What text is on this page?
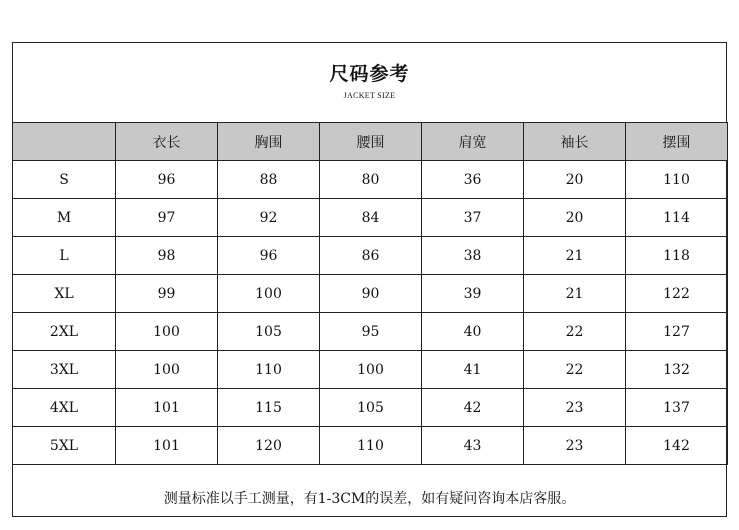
尺码参考
JACKET SIZE
	衣长	胸围	腰围	肩宽	袖长	摆围
S	96	88	80	36	20	110
M	97	92	84	37	20	114
L	98	96	86	38	21	118
XL	99	100	90	39	21	122
2XL	100	105	95	40	22	127
3XL	100	110	100	41	22	132
4XL	101	115	105	42	23	137
5XL	101	120	110	43	23	142
测量标准以手工测量，有1-3CM的误差，如有疑问咨询本店客服。
